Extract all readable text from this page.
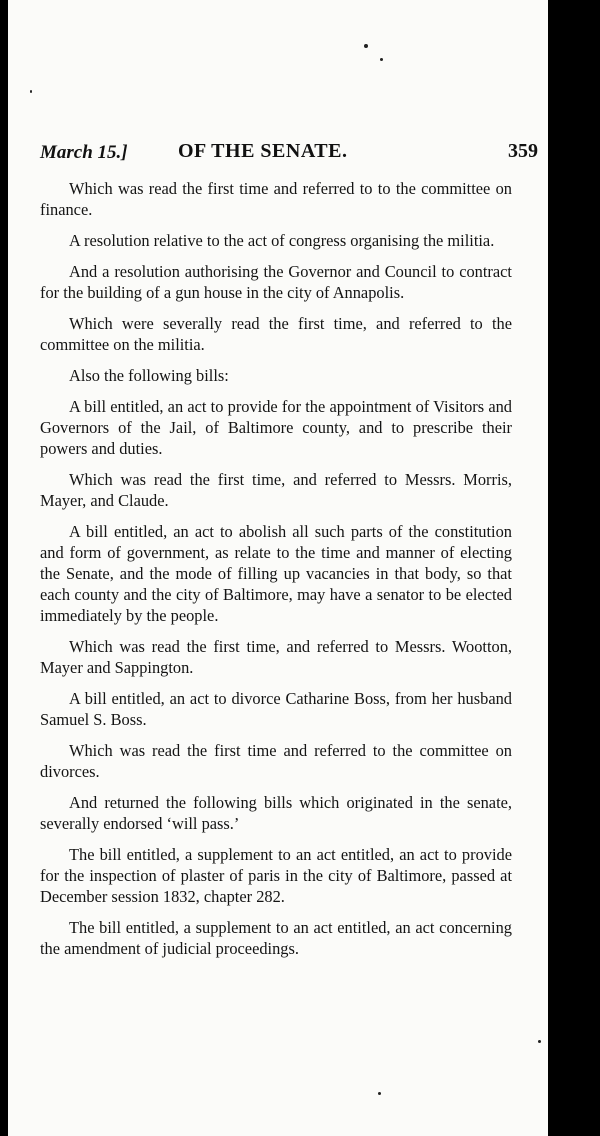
March 15.]	OF THE SENATE.	359

Which was read the first time and referred to to the committee on finance.

A resolution relative to the act of congress organising the militia.

And a resolution authorising the Governor and Council to contract for the building of a gun house in the city of Annapolis.

Which were severally read the first time, and referred to the committee on the militia.

Also the following bills:

A bill entitled, an act to provide for the appointment of Visitors and Governors of the Jail, of Baltimore county, and to prescribe their powers and duties.

Which was read the first time, and referred to Messrs. Morris, Mayer, and Claude.

A bill entitled, an act to abolish all such parts of the constitution and form of government, as relate to the time and manner of electing the Senate, and the mode of filling up vacancies in that body, so that each county and the city of Baltimore, may have a senator to be elected immediately by the people.

Which was read the first time, and referred to Messrs. Wootton, Mayer and Sappington.

A bill entitled, an act to divorce Catharine Boss, from her husband Samuel S. Boss.

Which was read the first time and referred to the committee on divorces.

And returned the following bills which originated in the senate, severally endorsed ‘will pass.’

The bill entitled, a supplement to an act entitled, an act to provide for the inspection of plaster of paris in the city of Baltimore, passed at December session 1832, chapter 282.

The bill entitled, a supplement to an act entitled, an act concerning the amendment of judicial proceedings.
